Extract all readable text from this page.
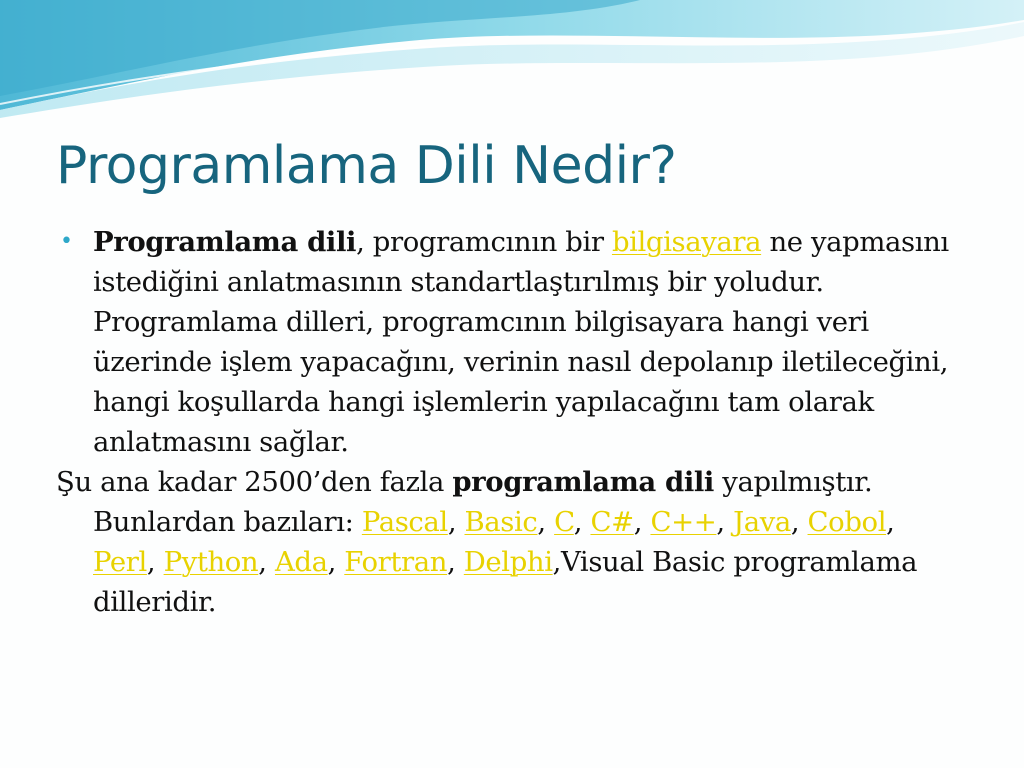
Programlama Dili Nedir?

• Programlama dili, programcının bir bilgisayara ne yapmasını istediğini anlatmasının standartlaştırılmış bir yoludur. Programlama dilleri, programcının bilgisayara hangi veri üzerinde işlem yapacağını, verinin nasıl depolanıp iletileceğini, hangi koşullarda hangi işlemlerin yapılacağını tam olarak anlatmasını sağlar.

Şu ana kadar 2500’den fazla programlama dili yapılmıştır. Bunlardan bazıları: Pascal, Basic, C, C#, C++, Java, Cobol, Perl, Python, Ada, Fortran, Delphi,Visual Basic programlama dilleridir.
